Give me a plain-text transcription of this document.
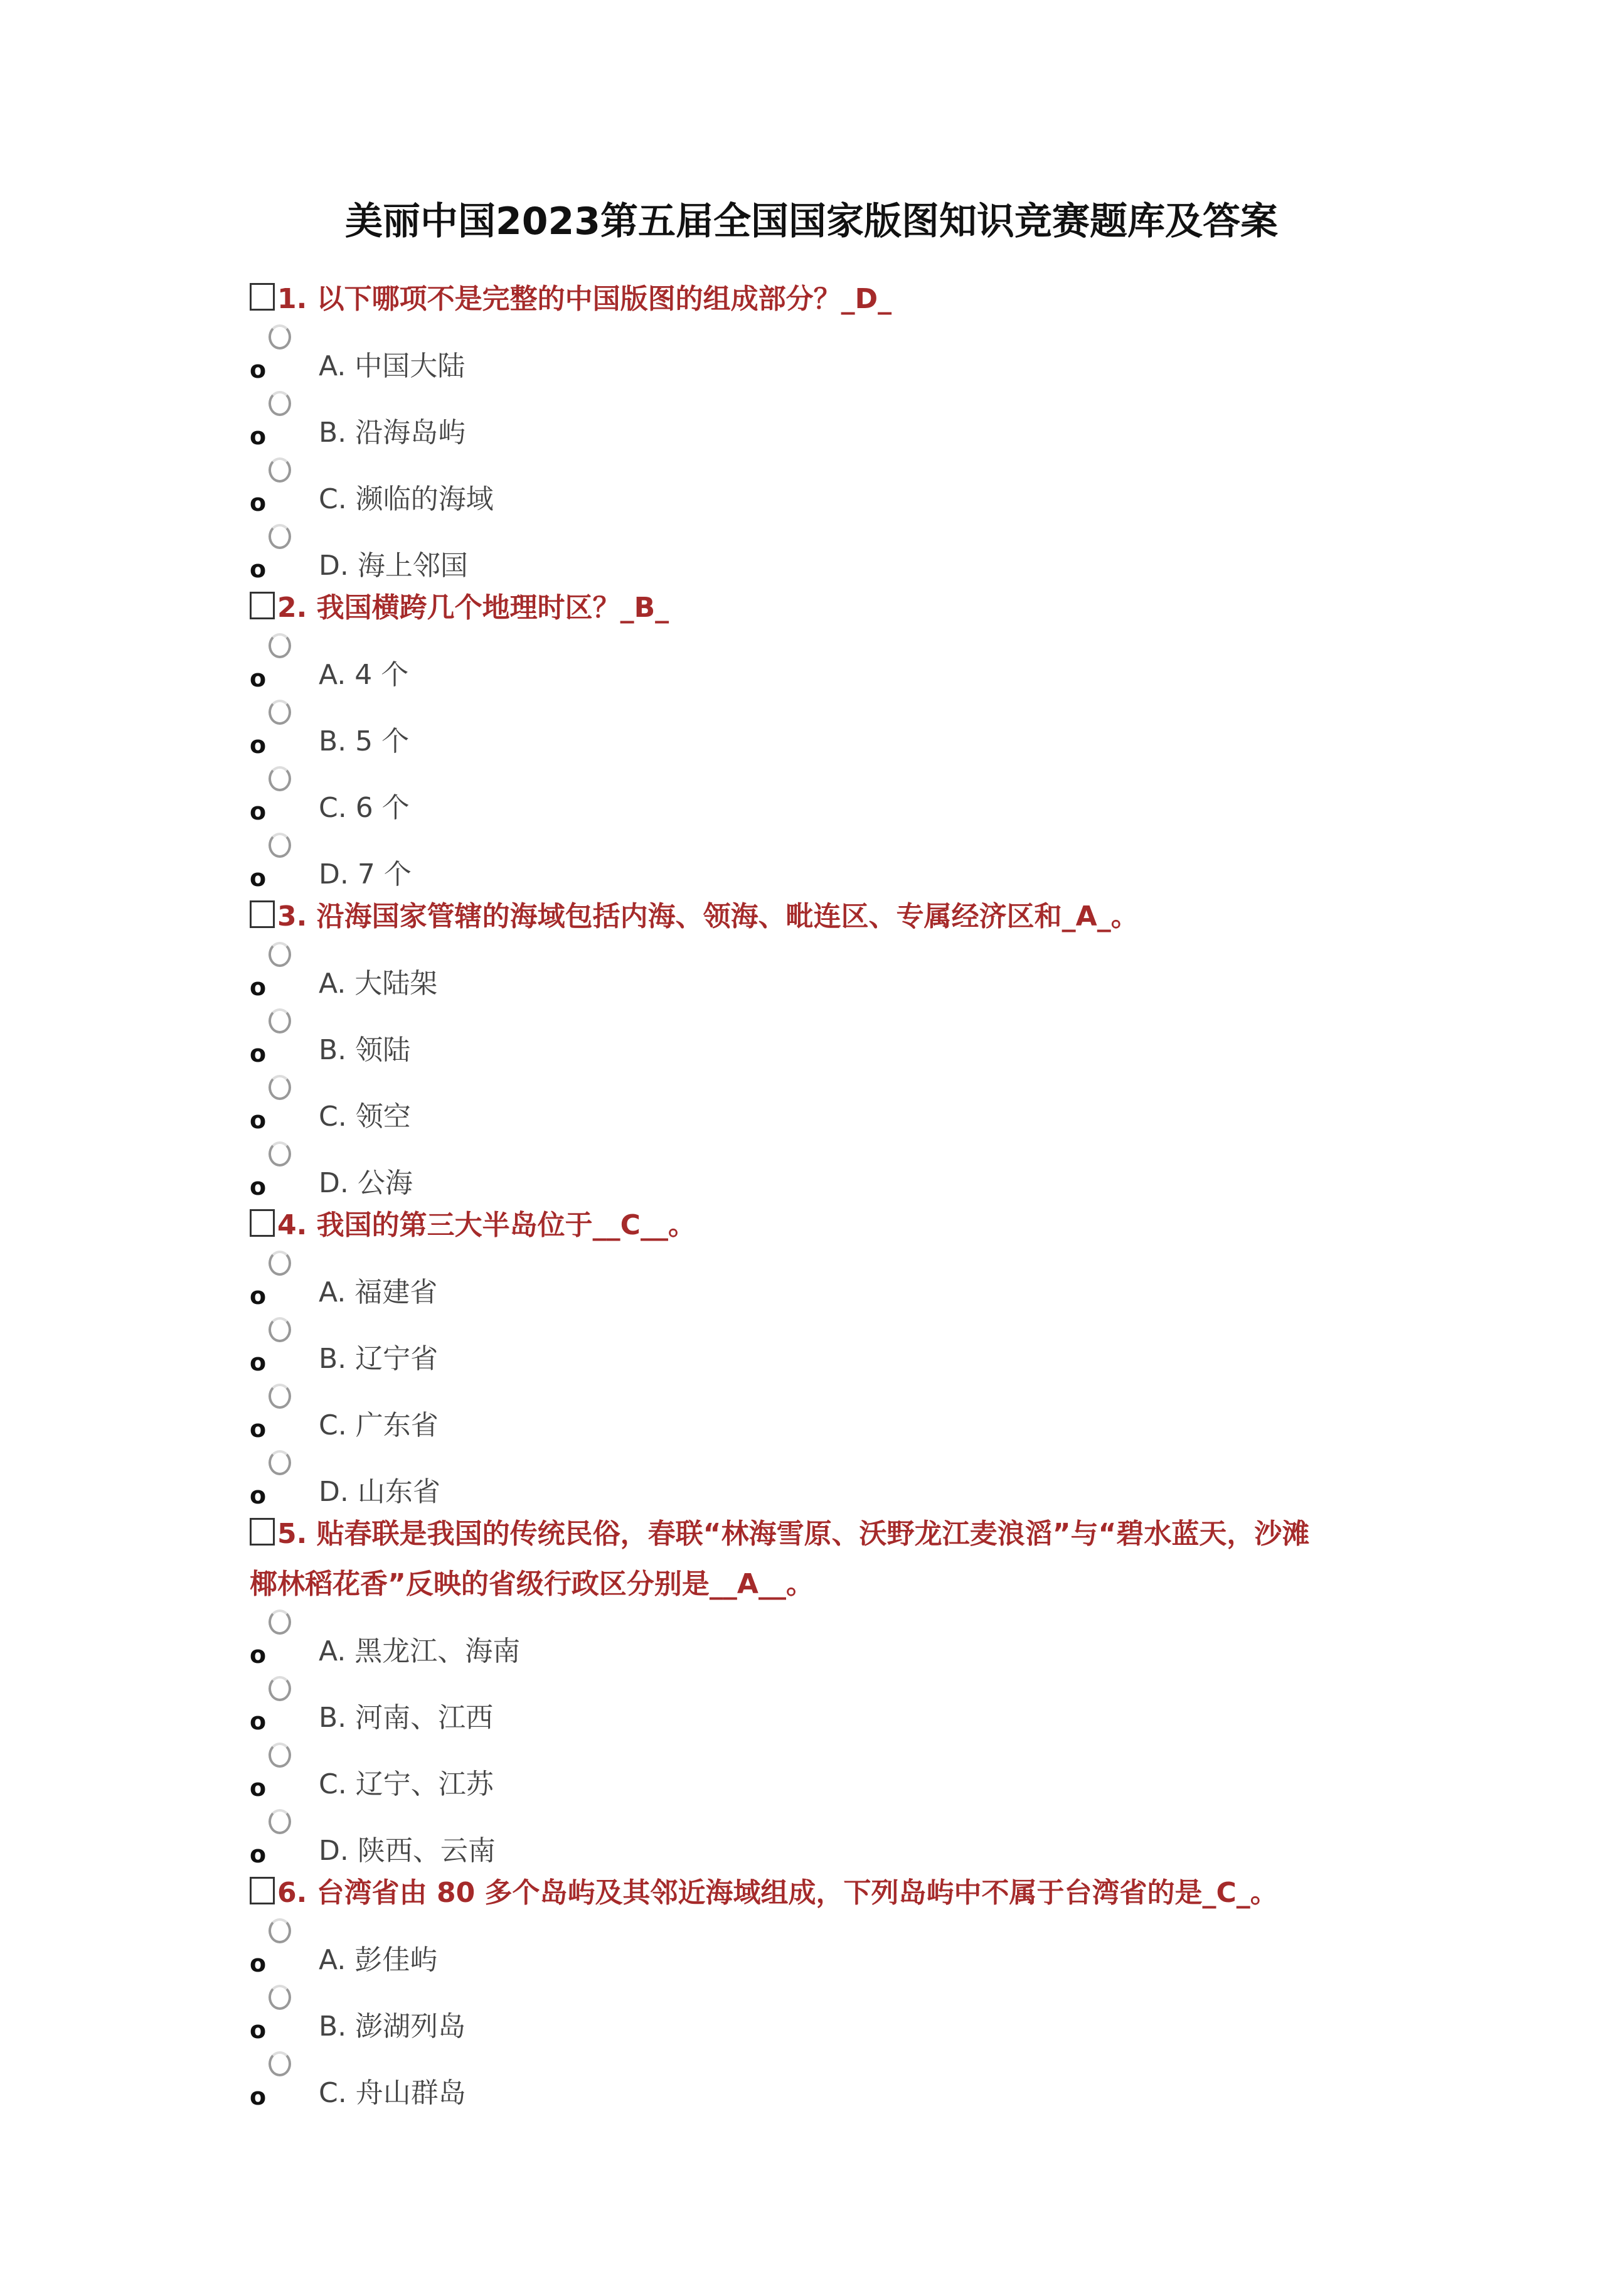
美丽中国2023第五届全国国家版图知识竞赛题库及答案
1. 以下哪项不是完整的中国版图的组成部分？_D_
o A. 中国大陆
o B. 沿海岛屿
o C. 濒临的海域
o D. 海上邻国
2. 我国横跨几个地理时区？_B_
o A. 4 个
o B. 5 个
o C. 6 个
o D. 7 个
3. 沿海国家管辖的海域包括内海、领海、毗连区、专属经济区和_A_。
o A. 大陆架
o B. 领陆
o C. 领空
o D. 公海
4. 我国的第三大半岛位于__C__。
o A. 福建省
o B. 辽宁省
o C. 广东省
o D. 山东省
5. 贴春联是我国的传统民俗，春联“林海雪原、沃野龙江麦浪滔”与“碧水蓝天，沙滩
椰林稻花香”反映的省级行政区分别是__A__。
o A. 黑龙江、海南
o B. 河南、江西
o C. 辽宁、江苏
o D. 陕西、云南
6. 台湾省由 80 多个岛屿及其邻近海域组成，下列岛屿中不属于台湾省的是_C_。
o A. 彭佳屿
o B. 澎湖列岛
o C. 舟山群岛
